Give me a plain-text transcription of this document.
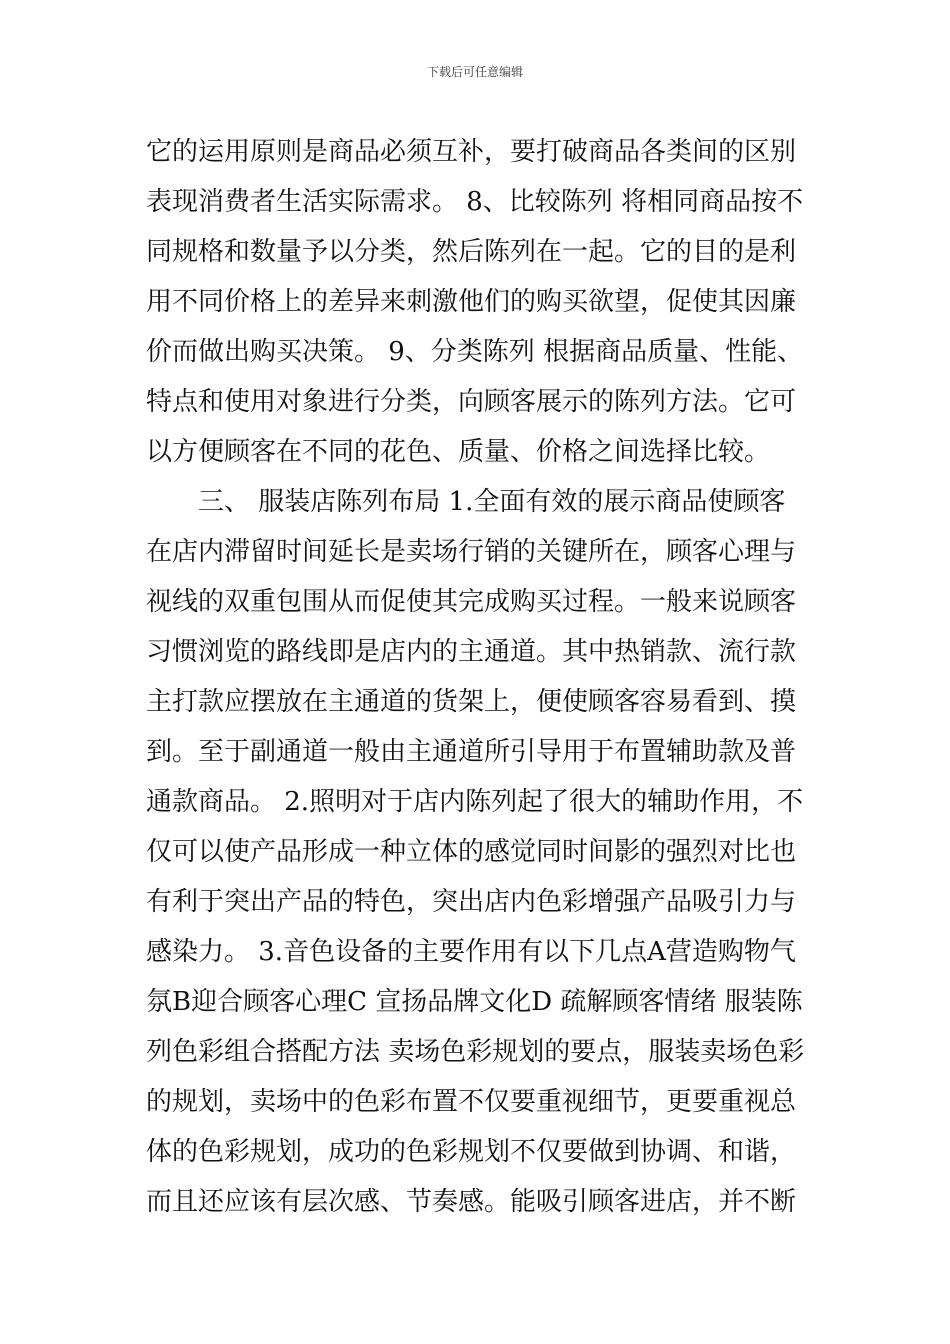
下载后可任意编辑
它的运用原则是商品必须互补，要打破商品各类间的区别
表现消费者生活实际需求。 8、比较陈列 将相同商品按不
同规格和数量予以分类，然后陈列在一起。它的目的是利
用不同价格上的差异来刺激他们的购买欲望，促使其因廉
价而做出购买决策。 9、分类陈列 根据商品质量、性能、
特点和使用对象进行分类，向顾客展示的陈列方法。它可
以方便顾客在不同的花色、质量、价格之间选择比较。
　　三、 服装店陈列布局 1.全面有效的展示商品使顾客
在店内滞留时间延长是卖场行销的关键所在，顾客心理与
视线的双重包围从而促使其完成购买过程。一般来说顾客
习惯浏览的路线即是店内的主通道。其中热销款、流行款
主打款应摆放在主通道的货架上，便使顾客容易看到、摸
到。至于副通道一般由主通道所引导用于布置辅助款及普
通款商品。 2.照明对于店内陈列起了很大的辅助作用，不
仅可以使产品形成一种立体的感觉同时间影的强烈对比也
有利于突出产品的特色，突出店内色彩增强产品吸引力与
感染力。 3.音色设备的主要作用有以下几点A营造购物气
氛B迎合顾客心理C 宣扬品牌文化D 疏解顾客情绪 服装陈
列色彩组合搭配方法 卖场色彩规划的要点，服装卖场色彩
的规划，卖场中的色彩布置不仅要重视细节，更要重视总
体的色彩规划，成功的色彩规划不仅要做到协调、和谐，
而且还应该有层次感、节奏感。能吸引顾客进店，并不断
